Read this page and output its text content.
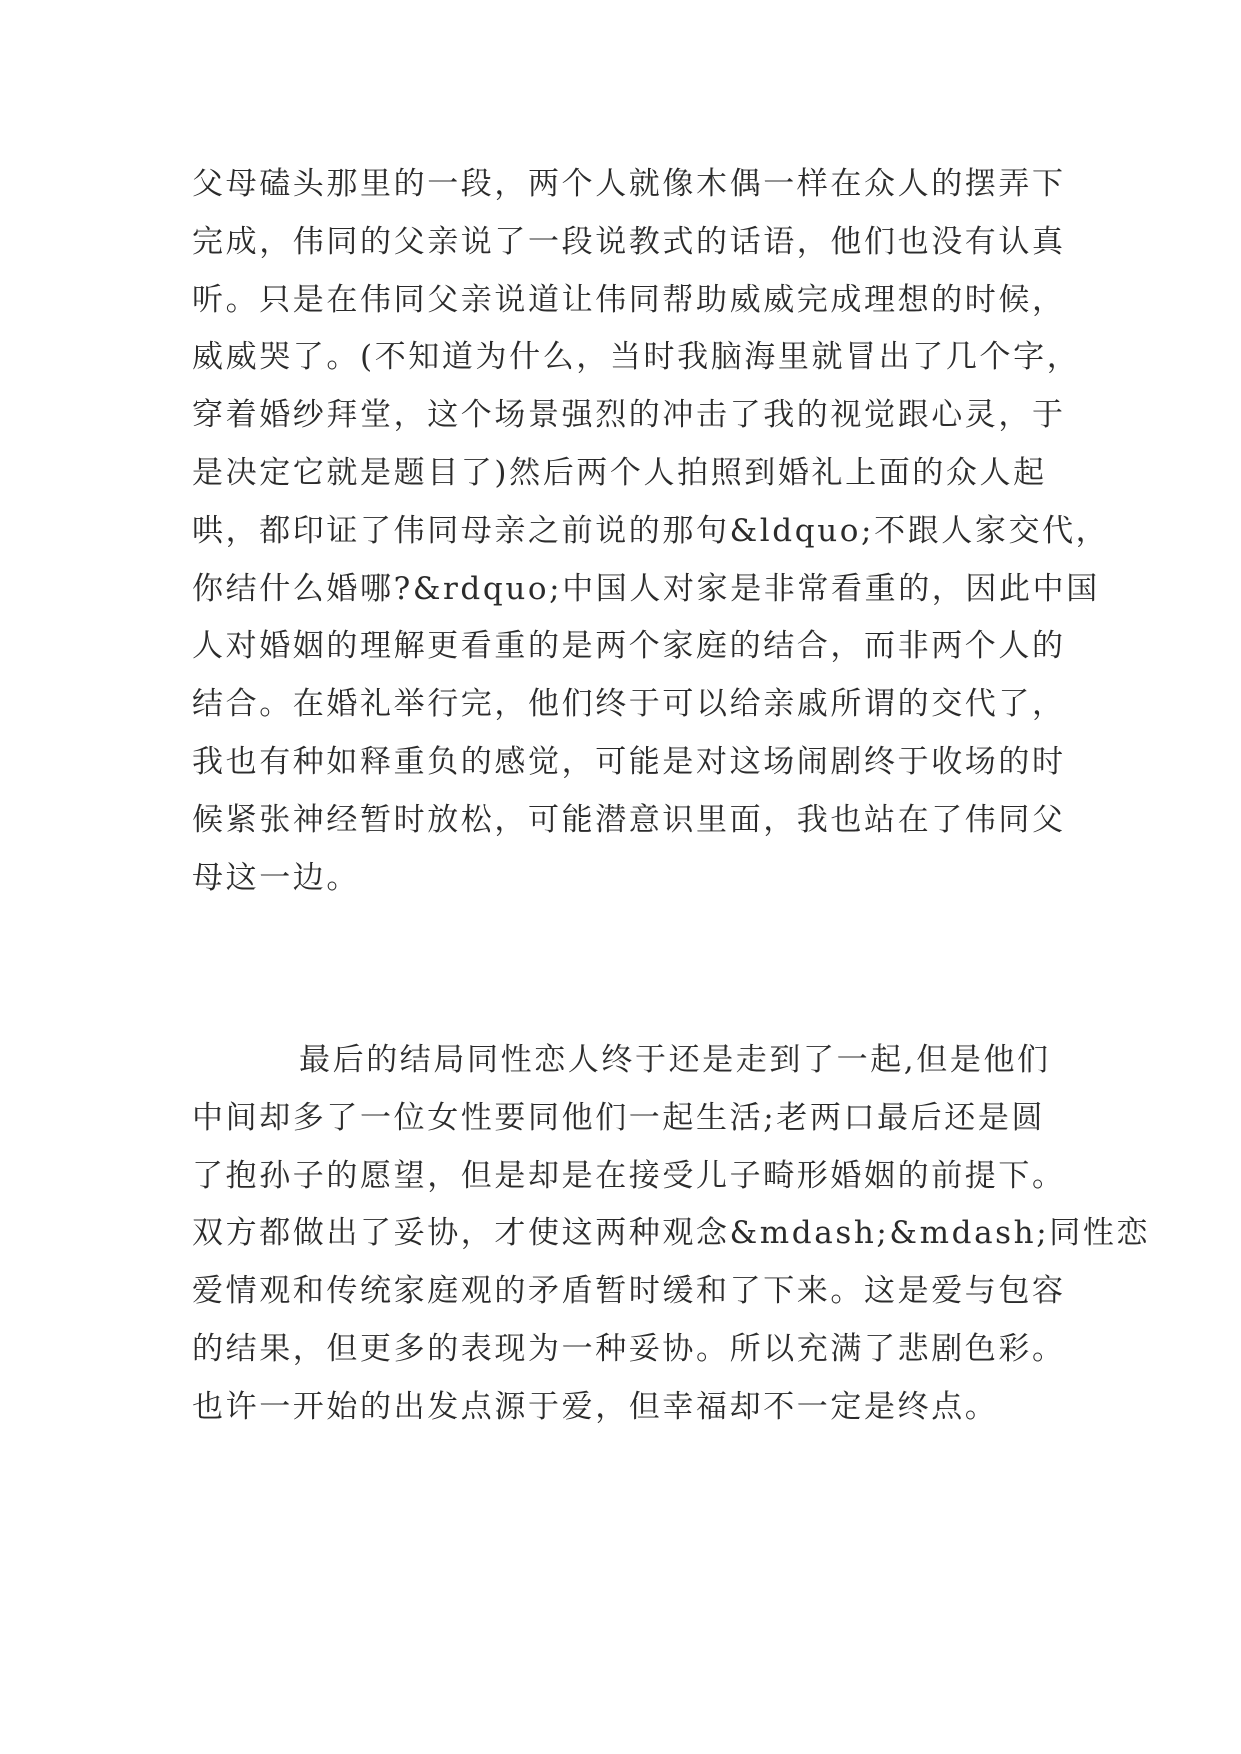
父母磕头那里的一段，两个人就像木偶一样在众人的摆弄下
完成，伟同的父亲说了一段说教式的话语，他们也没有认真
听。只是在伟同父亲说道让伟同帮助威威完成理想的时候，
威威哭了。(不知道为什么，当时我脑海里就冒出了几个字，
穿着婚纱拜堂，这个场景强烈的冲击了我的视觉跟心灵，于
是决定它就是题目了)然后两个人拍照到婚礼上面的众人起
哄，都印证了伟同母亲之前说的那句&ldquo;不跟人家交代，
你结什么婚哪?&rdquo;中国人对家是非常看重的，因此中国
人对婚姻的理解更看重的是两个家庭的结合，而非两个人的
结合。在婚礼举行完，他们终于可以给亲戚所谓的交代了，
我也有种如释重负的感觉，可能是对这场闹剧终于收场的时
候紧张神经暂时放松，可能潜意识里面，我也站在了伟同父
母这一边。
最后的结局同性恋人终于还是走到了一起,但是他们
中间却多了一位女性要同他们一起生活;老两口最后还是圆
了抱孙子的愿望，但是却是在接受儿子畸形婚姻的前提下。
双方都做出了妥协，才使这两种观念&mdash;&mdash;同性恋
爱情观和传统家庭观的矛盾暂时缓和了下来。这是爱与包容
的结果，但更多的表现为一种妥协。所以充满了悲剧色彩。
也许一开始的出发点源于爱，但幸福却不一定是终点。
